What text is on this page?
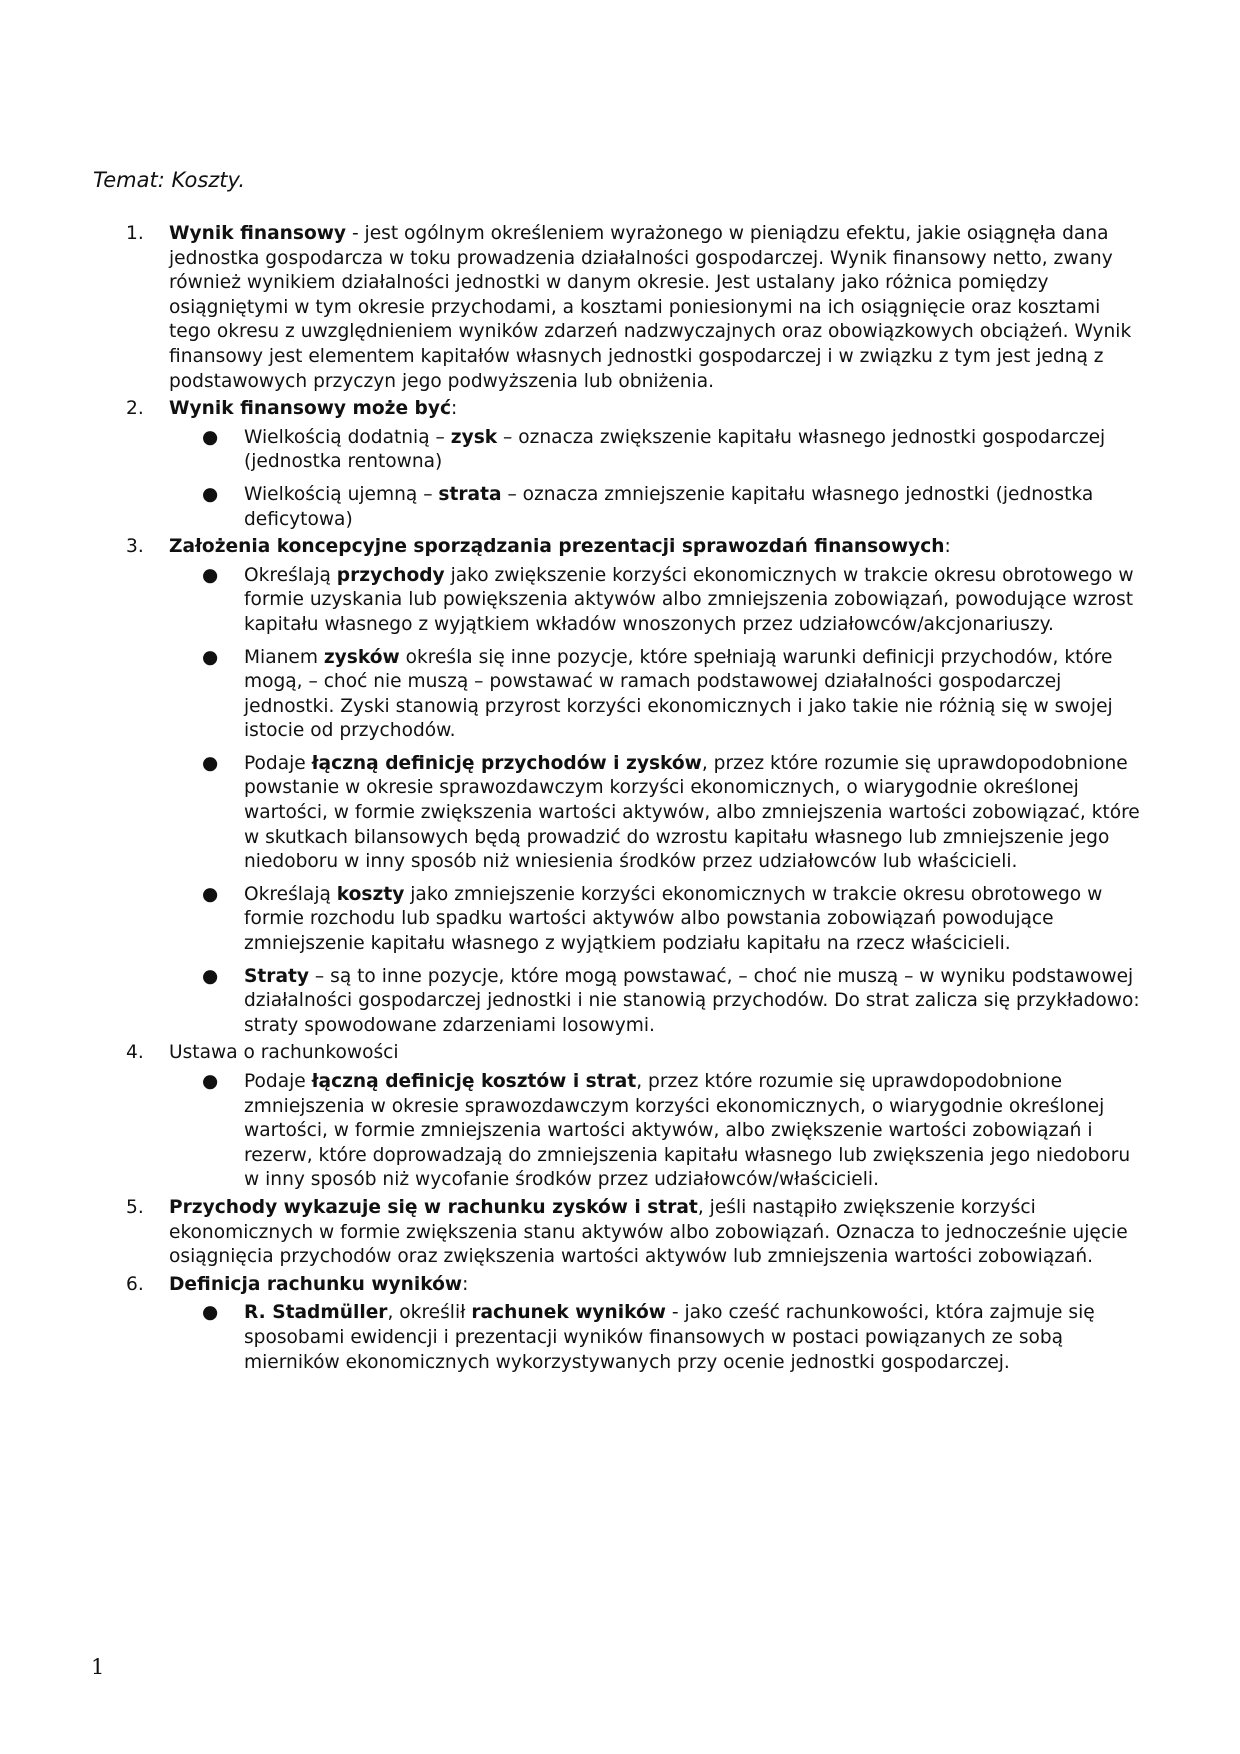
Temat: Koszty.
1. Wynik finansowy - jest ogólnym określeniem wyrażonego w pieniądzu efektu, jakie osiągnęła dana jednostka gospodarcza w toku prowadzenia działalności gospodarczej. Wynik finansowy netto, zwany również wynikiem działalności jednostki w danym okresie. Jest ustalany jako różnica pomiędzy osiągniętymi w tym okresie przychodami, a kosztami poniesionymi na ich osiągnięcie oraz kosztami tego okresu z uwzględnieniem wyników zdarzeń nadzwyczajnych oraz obowiązkowych obciążeń. Wynik finansowy jest elementem kapitałów własnych jednostki gospodarczej i w związku z tym jest jedną z podstawowych przyczyn jego podwyższenia lub obniżenia.
2. Wynik finansowy może być:
● Wielkością dodatnią – zysk – oznacza zwiększenie kapitału własnego jednostki gospodarczej (jednostka rentowna)
● Wielkością ujemną – strata – oznacza zmniejszenie kapitału własnego jednostki (jednostka deficytowa)
3. Założenia koncepcyjne sporządzania prezentacji sprawozdań finansowych:
● Określają przychody jako zwiększenie korzyści ekonomicznych w trakcie okresu obrotowego w formie uzyskania lub powiększenia aktywów albo zmniejszenia zobowiązań, powodujące wzrost kapitału własnego z wyjątkiem wkładów wnoszonych przez udziałowców/akcjonariuszy.
● Mianem zysków określa się inne pozycje, które spełniają warunki definicji przychodów, które mogą, – choć nie muszą – powstawać w ramach podstawowej działalności gospodarczej jednostki. Zyski stanowią przyrost korzyści ekonomicznych i jako takie nie różnią się w swojej istocie od przychodów.
● Podaje łączną definicję przychodów i zysków, przez które rozumie się uprawdopodobnione powstanie w okresie sprawozdawczym korzyści ekonomicznych, o wiarygodnie określonej wartości, w formie zwiększenia wartości aktywów, albo zmniejszenia wartości zobowiązać, które w skutkach bilansowych będą prowadzić do wzrostu kapitału własnego lub zmniejszenie jego niedoboru w inny sposób niż wniesienia środków przez udziałowców lub właścicieli.
● Określają koszty jako zmniejszenie korzyści ekonomicznych w trakcie okresu obrotowego w formie rozchodu lub spadku wartości aktywów albo powstania zobowiązań powodujące zmniejszenie kapitału własnego z wyjątkiem podziału kapitału na rzecz właścicieli.
● Straty – są to inne pozycje, które mogą powstawać, – choć nie muszą – w wyniku podstawowej działalności gospodarczej jednostki i nie stanowią przychodów. Do strat zalicza się przykładowo: straty spowodowane zdarzeniami losowymi.
4. Ustawa o rachunkowości
● Podaje łączną definicję kosztów i strat, przez które rozumie się uprawdopodobnione zmniejszenia w okresie sprawozdawczym korzyści ekonomicznych, o wiarygodnie określonej wartości, w formie zmniejszenia wartości aktywów, albo zwiększenie wartości zobowiązań i rezerw, które doprowadzają do zmniejszenia kapitału własnego lub zwiększenia jego niedoboru w inny sposób niż wycofanie środków przez udziałowców/właścicieli.
5. Przychody wykazuje się w rachunku zysków i strat, jeśli nastąpiło zwiększenie korzyści ekonomicznych w formie zwiększenia stanu aktywów albo zobowiązań. Oznacza to jednocześnie ujęcie osiągnięcia przychodów oraz zwiększenia wartości aktywów lub zmniejszenia wartości zobowiązań.
6. Definicja rachunku wyników:
● R. Stadmüller, określił rachunek wyników - jako cześć rachunkowości, która zajmuje się sposobami ewidencji i prezentacji wyników finansowych w postaci powiązanych ze sobą mierników ekonomicznych wykorzystywanych przy ocenie jednostki gospodarczej.
1
